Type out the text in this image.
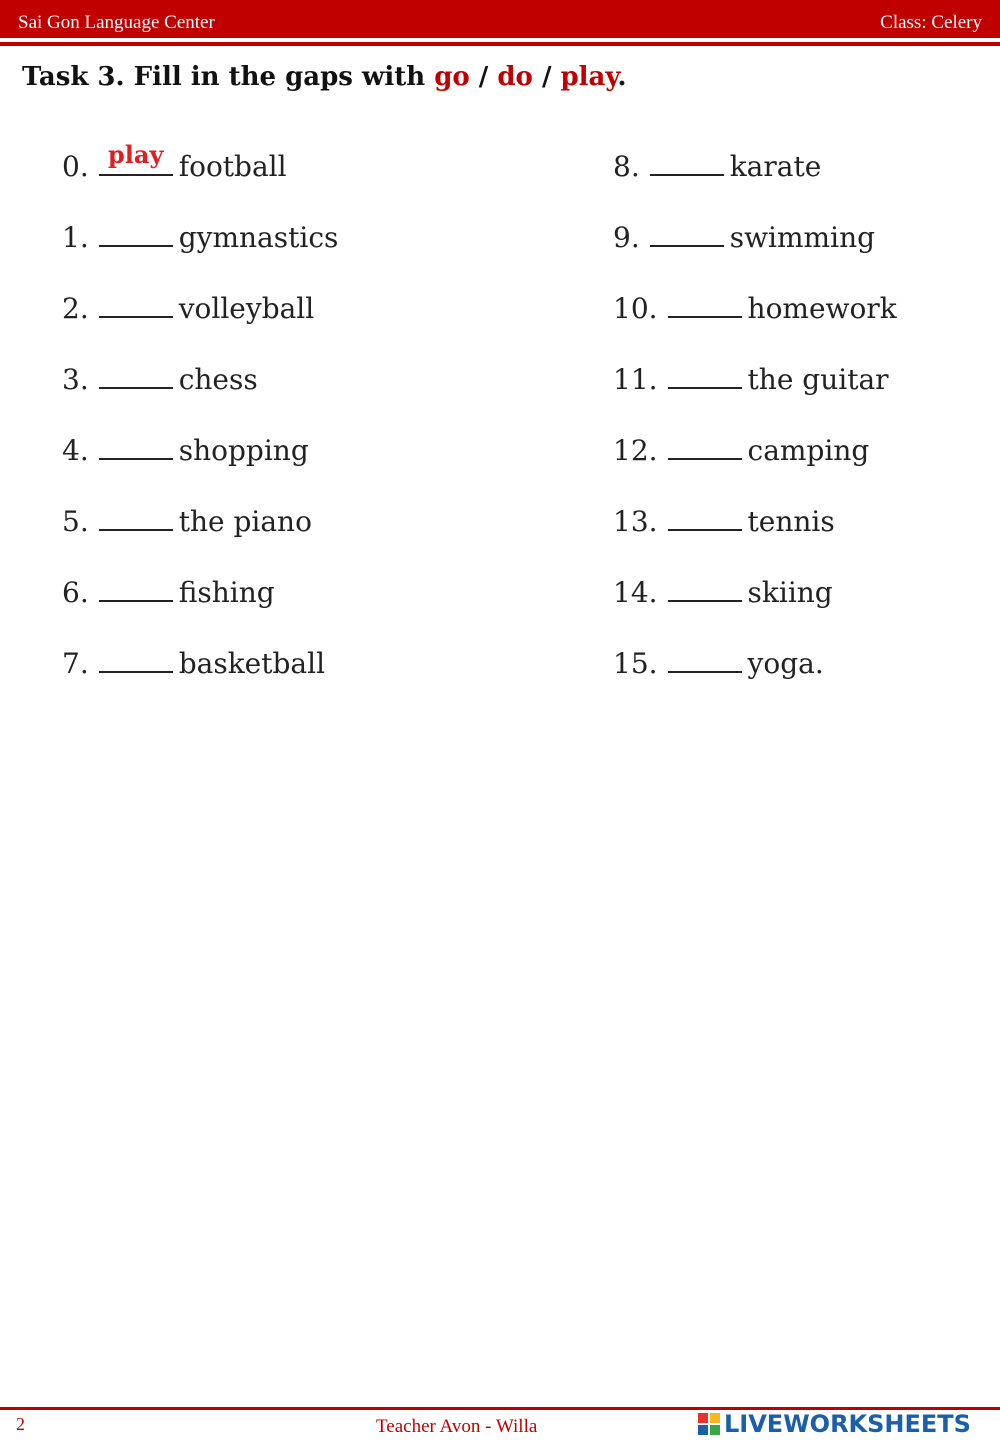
Sai Gon Language Center	Class: Celery
Task 3. Fill in the gaps with go / do / play.
0. play football
1.	gymnastics
2.	volleyball
3.	chess
4.	shopping
5.	the piano
6.	fishing
7.	basketball
8.	karate
9.	swimming
10.	homework
11.	the guitar
12.	camping
13.	tennis
14.	skiing
15.	yoga.
2	Teacher Avon - Willa	LIVEWORKSHEETS
